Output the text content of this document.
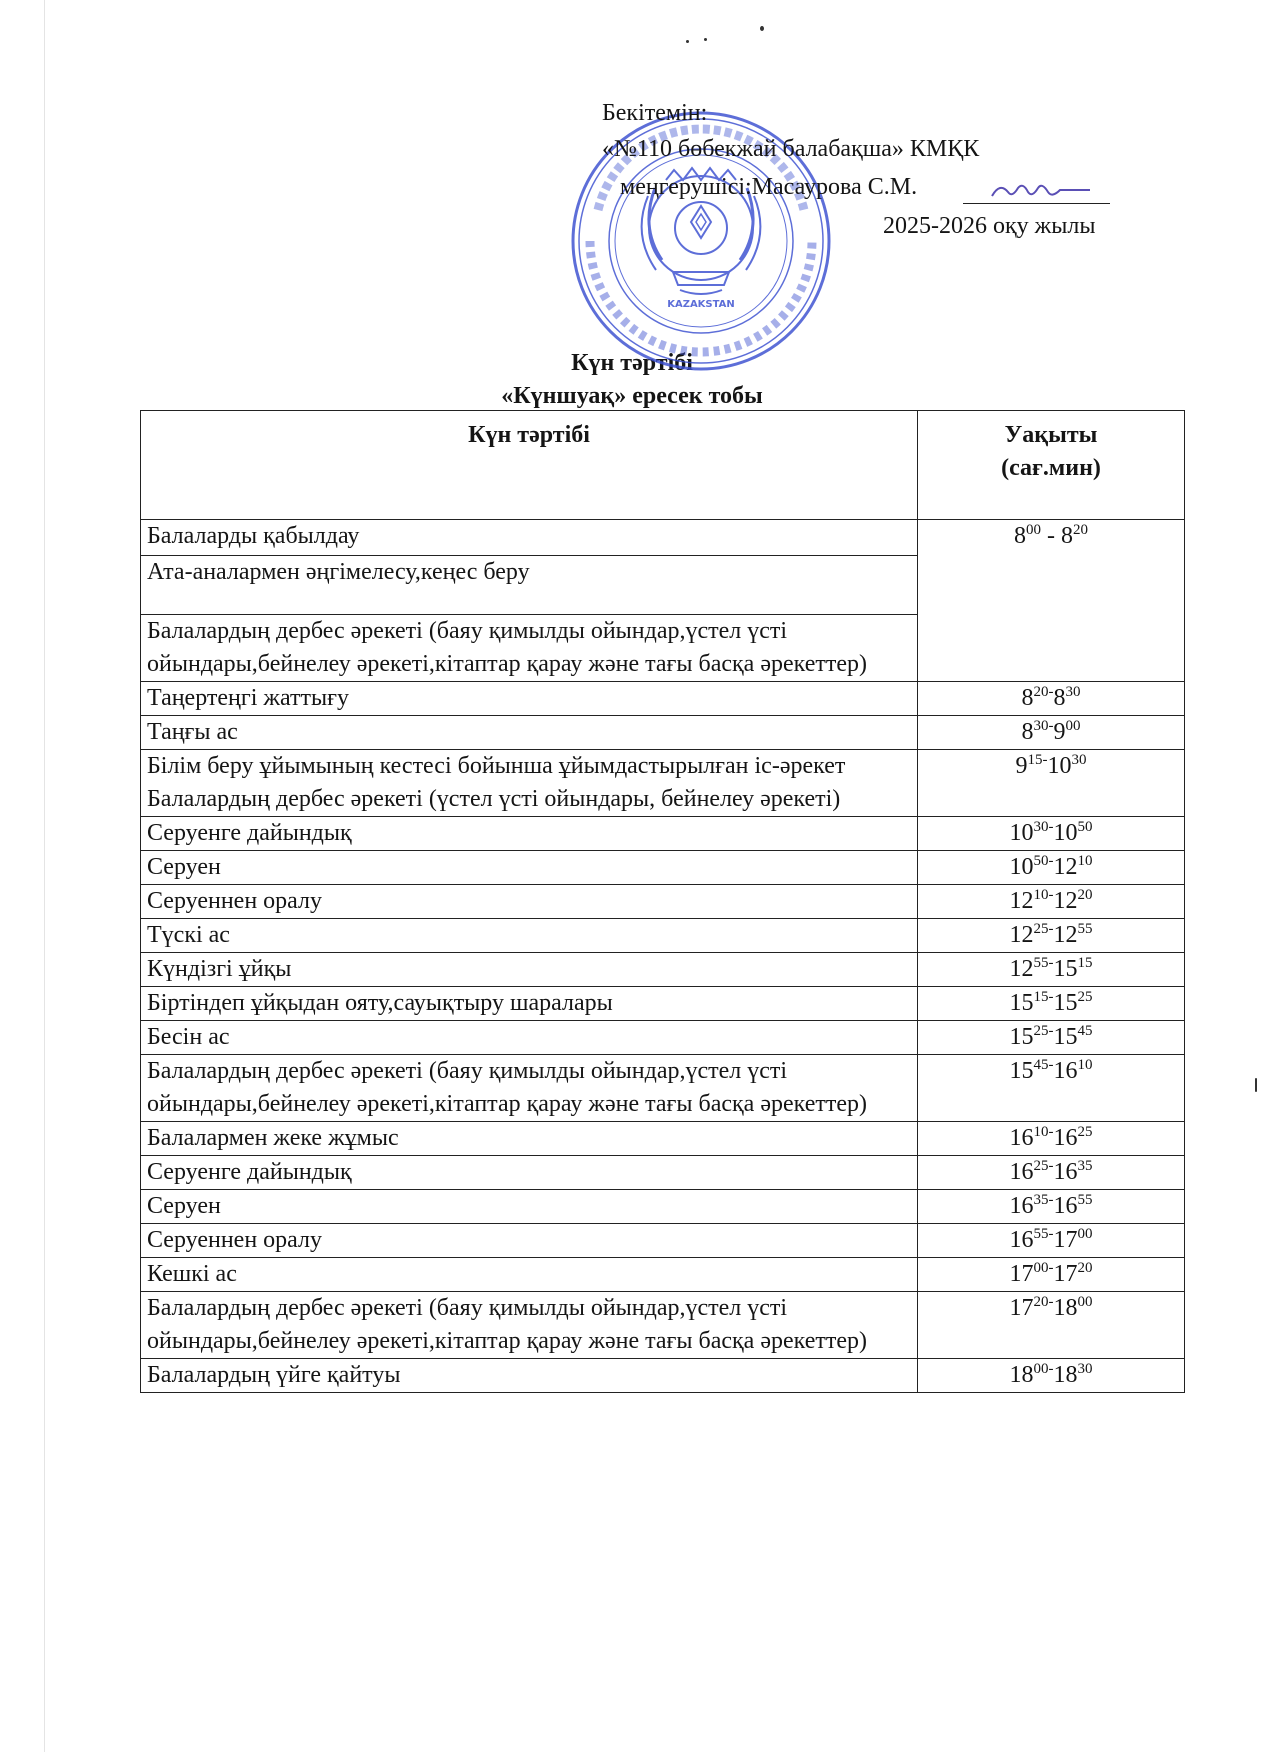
KAZAKSTAN
Бекітемін:
«№110 бөбекжай балабақша» КМҚК
меңгерушісі:Масаурова С.М.
2025-2026 оқу жылы
Күн тәртібі
«Күншуақ» ересек тобы
Күн тәртібі	Уақыты
(сағ.мин)
Балаларды қабылдау	$8^{00} - 8^{20}$
Ата-аналармен әңгімелесу,кеңес беру	
Балалардың дербес әрекеті (баяу қимылды ойындар,үстел үсті ойындары,бейнелеу әрекеті,кітаптар қарау және тағы басқа әрекеттер)	
Таңертеңгі жаттығу	$8^{20-}8^{30}$
Таңғы ас	$8^{30-}9^{00}$
Білім беру ұйымының кестесі бойынша ұйымдастырылған іс-әрекет
Балалардың дербес әрекеті (үстел үсті ойындары, бейнелеу әрекеті)	$9^{15-}10^{30}$
Серуенге дайындық	$10^{30-}10^{50}$
Серуен	$10^{50-}12^{10}$
Серуеннен оралу	$12^{10-}12^{20}$
Түскі ас	$12^{25-}12^{55}$
Күндізгі ұйқы	$12^{55-}15^{15}$
Біртіндеп ұйқыдан ояту,сауықтыру шаралары	$15^{15-}15^{25}$
Бесін ас	$15^{25-}15^{45}$
Балалардың дербес әрекеті (баяу қимылды ойындар,үстел үсті ойындары,бейнелеу әрекеті,кітаптар қарау және тағы басқа әрекеттер)	$15^{45-}16^{10}$
Балалармен жеке жұмыс	$16^{10-}16^{25}$
Серуенге дайындық	$16^{25-}16^{35}$
Серуен	$16^{35-}16^{55}$
Серуеннен оралу	$16^{55-}17^{00}$
Кешкі ас	$17^{00-}17^{20}$
Балалардың дербес әрекеті (баяу қимылды ойындар,үстел үсті ойындары,бейнелеу әрекеті,кітаптар қарау және тағы басқа әрекеттер)	$17^{20-}18^{00}$
Балалардың үйге қайтуы	$18^{00-}18^{30}$
